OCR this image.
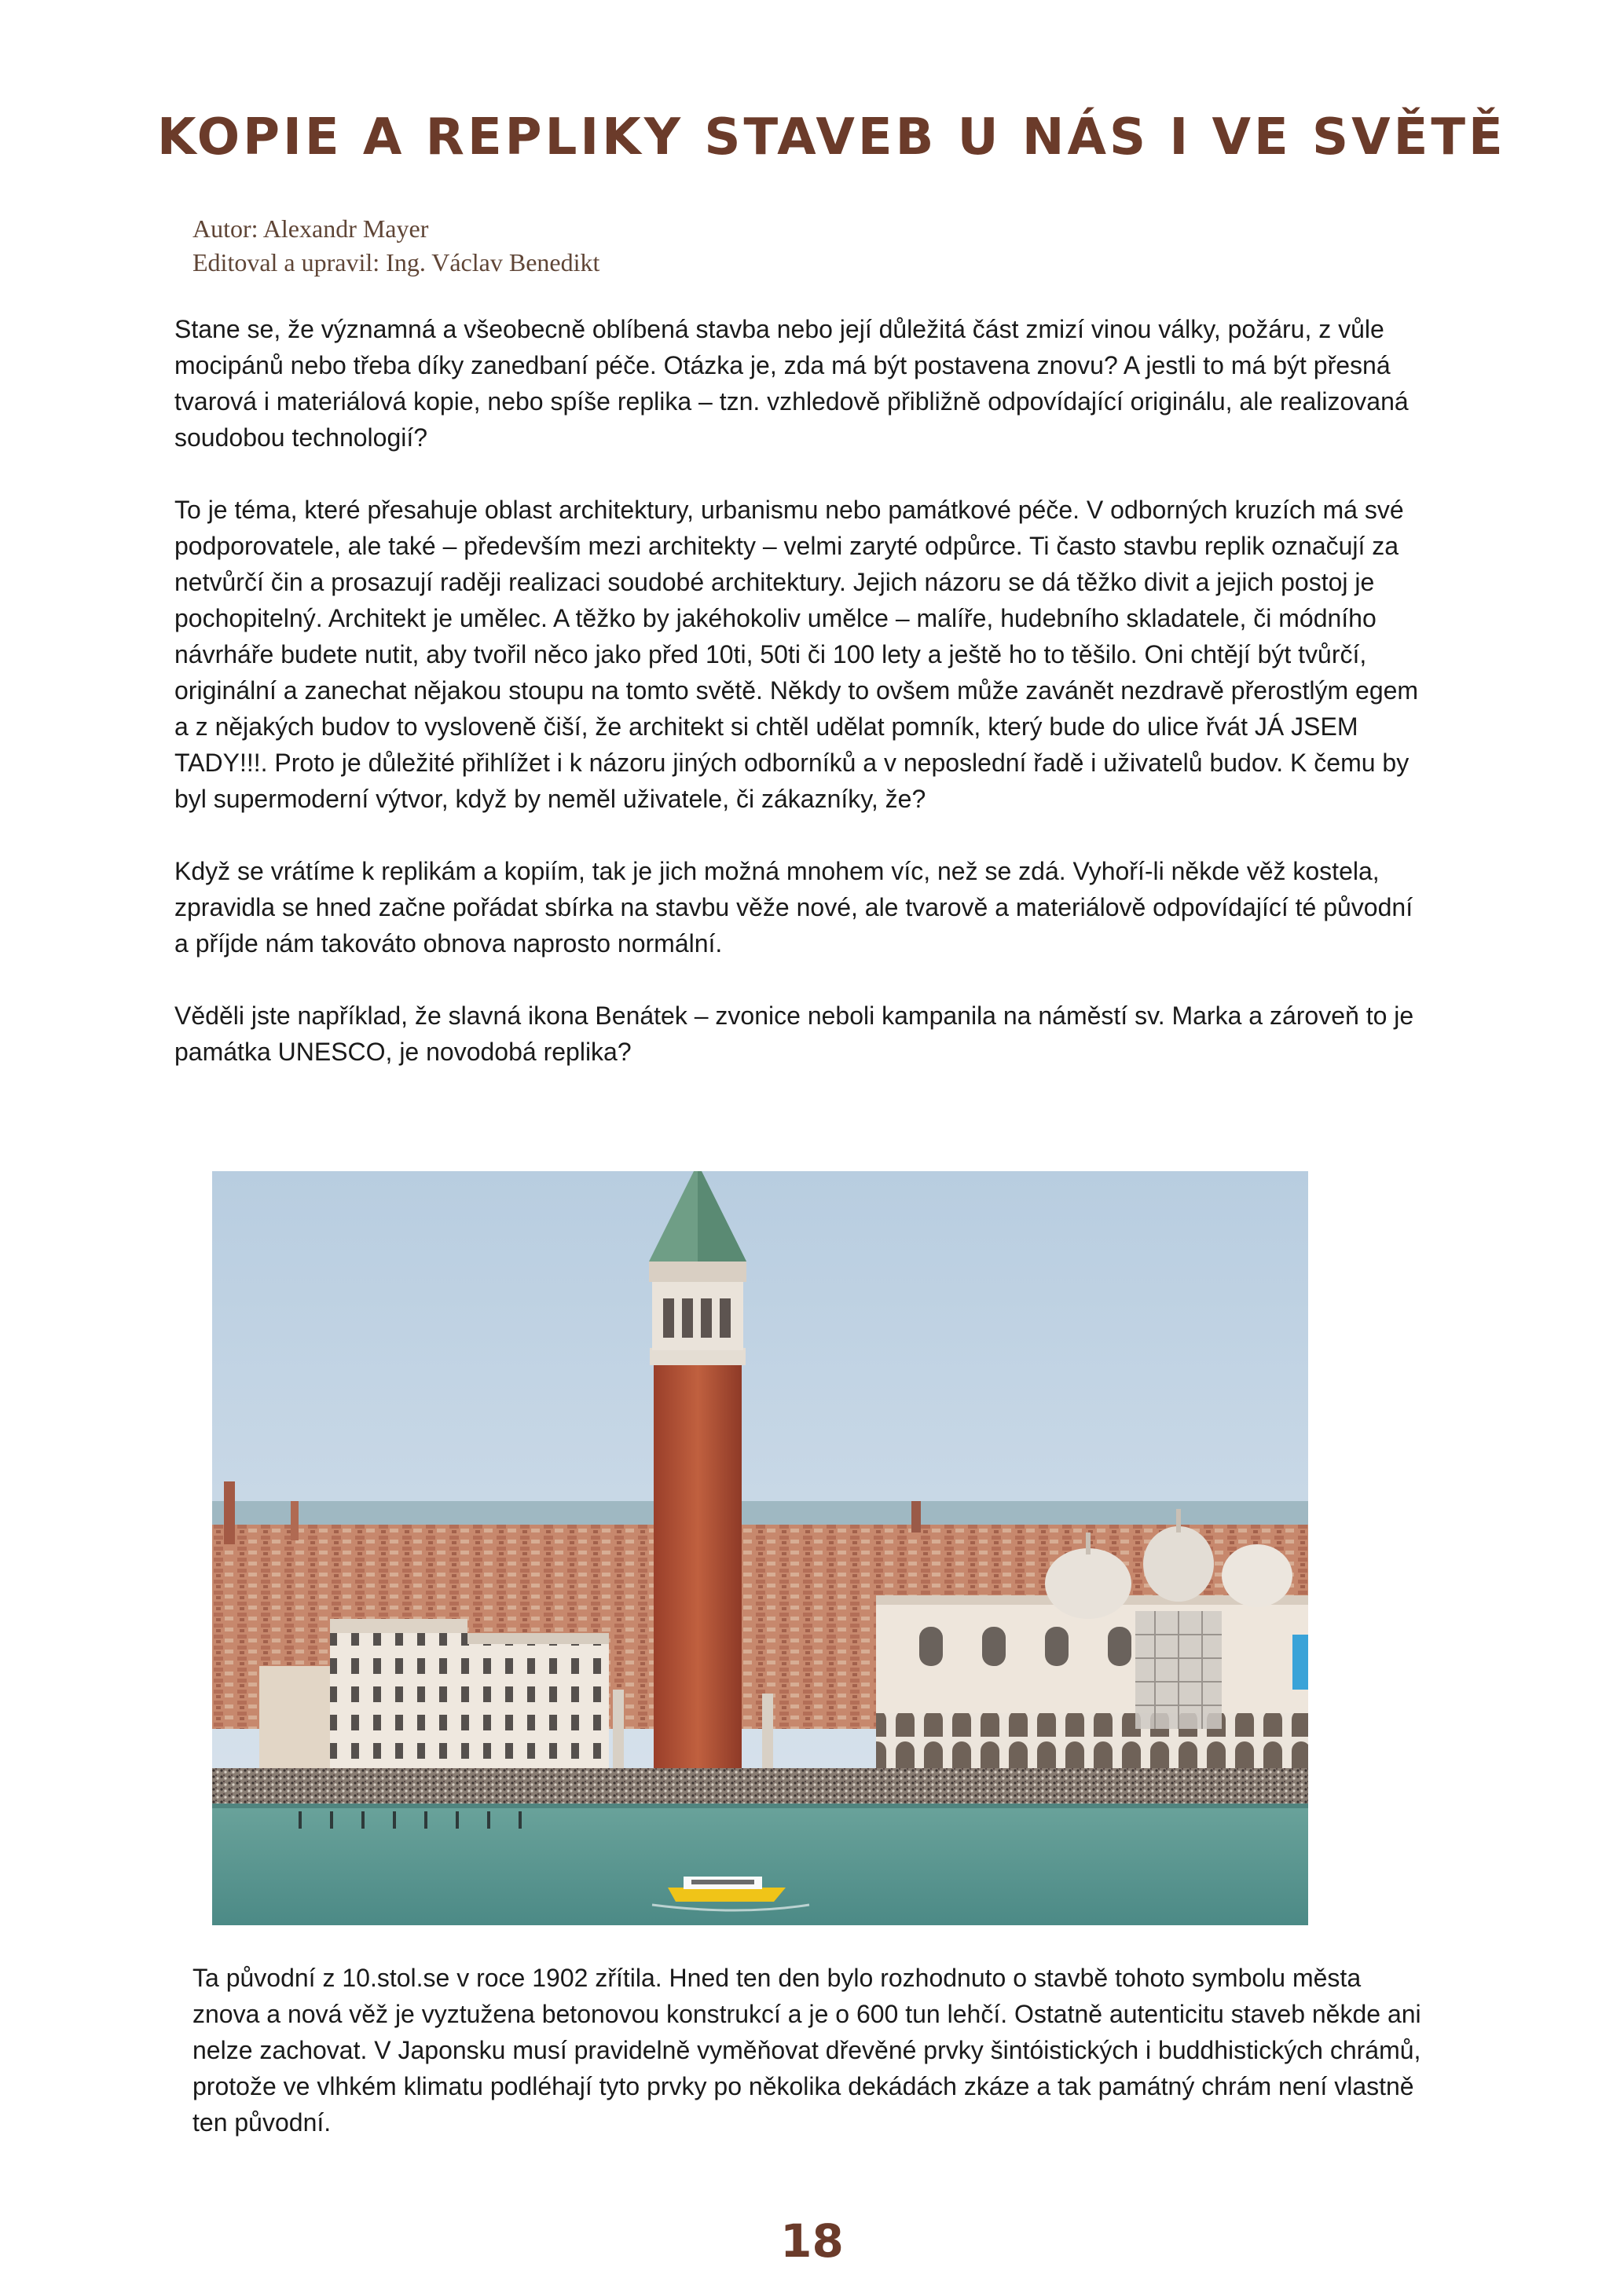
KOPIE A REPLIKY STAVEB U NÁS I VE SVĚTĚ
Autor: Alexandr Mayer
Editoval a upravil: Ing. Václav Benedikt

Stane se, že významná a všeobecně oblíbená stavba nebo její důležitá část zmizí vinou války, požáru, z vůle mocipánů nebo třeba díky zanedbaní péče. Otázka je, zda má být postavena znovu? A jestli to má být přesná tvarová i materiálová kopie, nebo spíše replika – tzn. vzhledově přibližně odpovídající originálu, ale realizovaná soudobou technologií?

To je téma, které přesahuje oblast architektury, urbanismu nebo památkové péče. V odborných kruzích má své podporovatele, ale také – především mezi architekty – velmi zaryté odpůrce. Ti často stavbu replik označují za netvůrčí čin a prosazují raději realizaci soudobé architektury. Jejich názoru se dá těžko divit a jejich postoj je pochopitelný. Architekt je umělec. A těžko by jakéhokoliv umělce – malíře, hudebního skladatele, či módního návrháře budete nutit, aby tvořil něco jako před 10ti, 50ti či 100 lety a ještě ho to těšilo. Oni chtějí být tvůrčí, originální a zanechat nějakou stoupu na tomto světě. Někdy to ovšem může zavánět nezdravě přerostlým egem a z nějakých budov to vysloveně čiší, že architekt si chtěl udělat pomník, který bude do ulice řvát JÁ JSEM TADY!!!. Proto je důležité přihlížet i k názoru jiných odborníků a v neposlední řadě i uživatelů budov. K čemu by byl supermoderní výtvor, když by neměl uživatele, či zákazníky, že?

Když se vrátíme k replikám a kopiím, tak je jich možná mnohem víc, než se zdá. Vyhoří-li někde věž kostela, zpravidla se hned začne pořádat sbírka na stavbu věže nové, ale tvarově a materiálově odpovídající té původní a příjde nám takováto obnova naprosto normální.

Věděli jste například, že slavná ikona Benátek – zvonice neboli kampanila na náměstí sv. Marka a zároveň to je památka UNESCO, je novodobá replika?

Ta původní z 10.stol.se v roce 1902 zřítila. Hned ten den bylo rozhodnuto o stavbě tohoto symbolu města znova a nová věž je vyztužena betonovou konstrukcí a je o 600 tun lehčí. Ostatně autenticitu staveb někde ani nelze zachovat. V Japonsku musí pravidelně vyměňovat dřevěné prvky šintóistických i buddhistických chrámů, protože ve vlhkém klimatu podléhají tyto prvky po několika dekádách zkáze a tak památný chrám není vlastně ten původní.

18
